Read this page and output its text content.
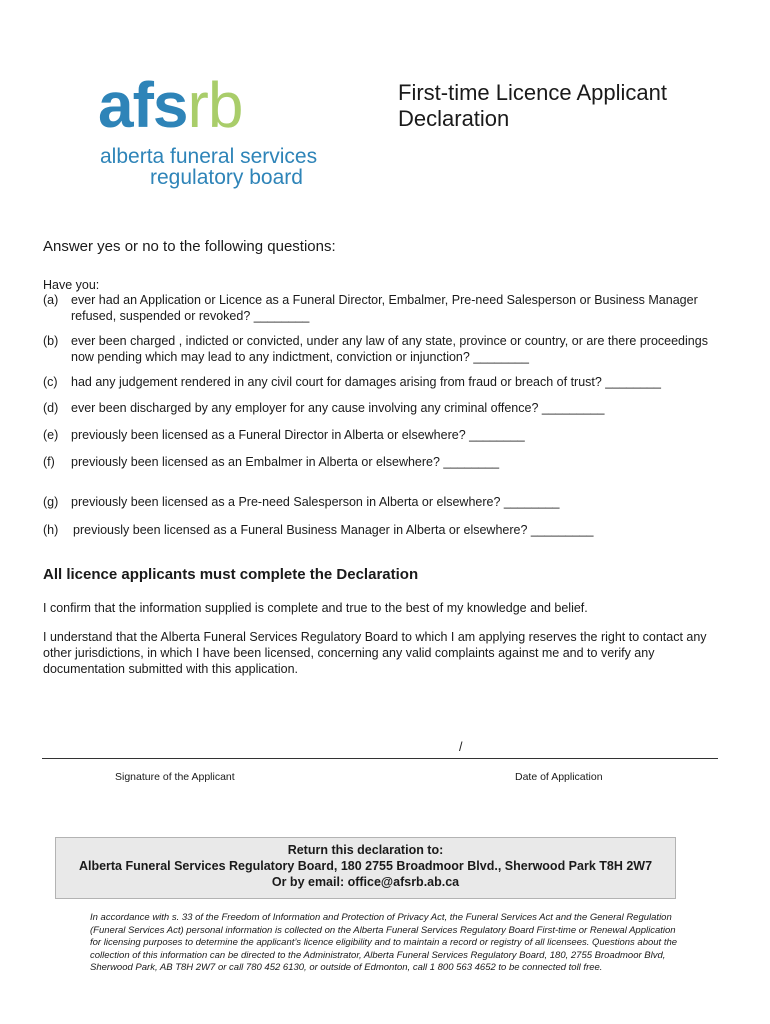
afsrb
alberta funeral services
regulatory board
First-time Licence Applicant Declaration
Answer yes or no to the following questions:
Have you:
(a) ever had an Application or Licence as a Funeral Director, Embalmer, Pre-need Salesperson or Business Manager refused, suspended or revoked? ________
(b) ever been charged , indicted or convicted, under any law of any state, province or country, or are there proceedings now pending which may lead to any indictment, conviction or injunction? ________
(c) had any judgement rendered in any civil court for damages arising from fraud or breach of trust? ________
(d) ever been discharged by any employer for any cause involving any criminal offence? _________
(e) previously been licensed as a Funeral Director in Alberta or elsewhere? ________
(f) previously been licensed as an Embalmer in Alberta or elsewhere? ________
(g) previously been licensed as a Pre-need Salesperson in Alberta or elsewhere? ________
(h) previously been licensed as a Funeral Business Manager in Alberta or elsewhere? _________
All licence applicants must complete the Declaration
I confirm that the information supplied is complete and true to the best of my knowledge and belief.
I understand that the Alberta Funeral Services Regulatory Board to which I am applying reserves the right to contact any other jurisdictions, in which I have been licensed, concerning any valid complaints against me and to verify any documentation submitted with this application.
/
Signature of the Applicant	Date of Application
Return this declaration to:
Alberta Funeral Services Regulatory Board, 180 2755 Broadmoor Blvd., Sherwood Park T8H 2W7
Or by email: office@afsrb.ab.ca
In accordance with s. 33 of the Freedom of Information and Protection of Privacy Act, the Funeral Services Act and the General Regulation (Funeral Services Act) personal information is collected on the Alberta Funeral Services Regulatory Board First-time or Renewal Application for licensing purposes to determine the applicant’s licence eligibility and to maintain a record or registry of all licensees. Questions about the collection of this information can be directed to the Administrator, Alberta Funeral Services Regulatory Board, 180, 2755 Broadmoor Blvd, Sherwood Park, AB T8H 2W7 or call 780 452 6130, or outside of Edmonton, call 1 800 563 4652 to be connected toll free.
